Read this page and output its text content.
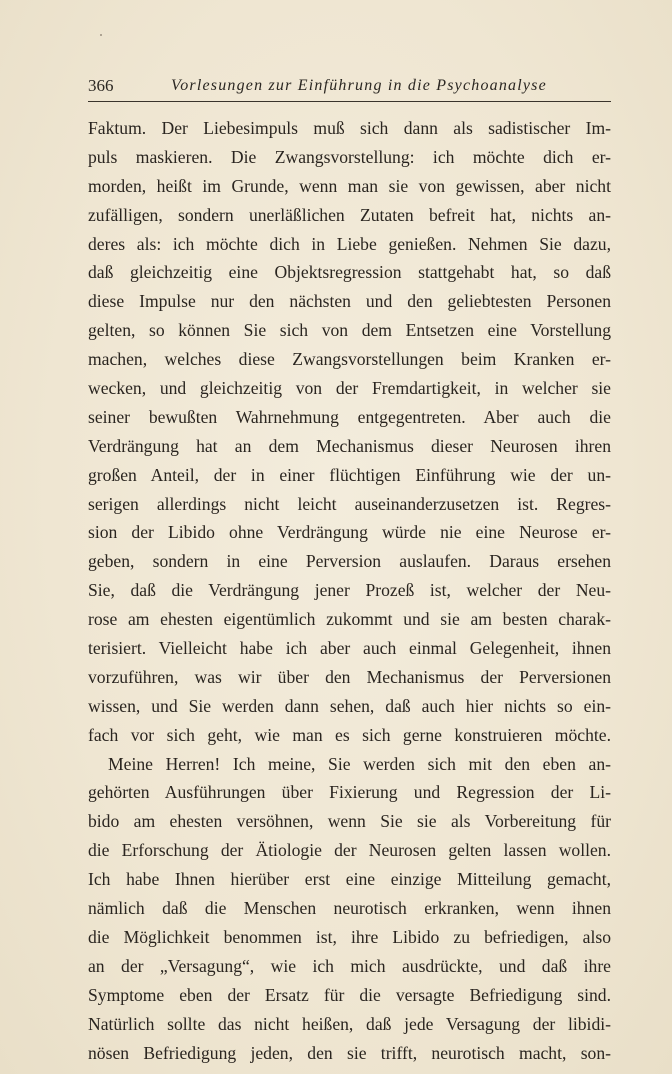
366	Vorlesungen zur Einführung in die Psychoanalyse
Faktum. Der Liebesimpuls muß sich dann als sadistischer Im-
puls maskieren. Die Zwangsvorstellung: ich möchte dich er-
morden, heißt im Grunde, wenn man sie von gewissen, aber nicht
zufälligen, sondern unerläßlichen Zutaten befreit hat, nichts an-
deres als: ich möchte dich in Liebe genießen. Nehmen Sie dazu,
daß gleichzeitig eine Objektsregression stattgehabt hat, so daß
diese Impulse nur den nächsten und den geliebtesten Personen
gelten, so können Sie sich von dem Entsetzen eine Vorstellung
machen, welches diese Zwangsvorstellungen beim Kranken er-
wecken, und gleichzeitig von der Fremdartigkeit, in welcher sie
seiner bewußten Wahrnehmung entgegentreten. Aber auch die
Verdrängung hat an dem Mechanismus dieser Neurosen ihren
großen Anteil, der in einer flüchtigen Einführung wie der un-
serigen allerdings nicht leicht auseinanderzusetzen ist. Regres-
sion der Libido ohne Verdrängung würde nie eine Neurose er-
geben, sondern in eine Perversion auslaufen. Daraus ersehen
Sie, daß die Verdrängung jener Prozeß ist, welcher der Neu-
rose am ehesten eigentümlich zukommt und sie am besten charak-
terisiert. Vielleicht habe ich aber auch einmal Gelegenheit, ihnen
vorzuführen, was wir über den Mechanismus der Perversionen
wissen, und Sie werden dann sehen, daß auch hier nichts so ein-
fach vor sich geht, wie man es sich gerne konstruieren möchte.
Meine Herren! Ich meine, Sie werden sich mit den eben an-
gehörten Ausführungen über Fixierung und Regression der Li-
bido am ehesten versöhnen, wenn Sie sie als Vorbereitung für
die Erforschung der Ätiologie der Neurosen gelten lassen wollen.
Ich habe Ihnen hierüber erst eine einzige Mitteilung gemacht,
nämlich daß die Menschen neurotisch erkranken, wenn ihnen
die Möglichkeit benommen ist, ihre Libido zu befriedigen, also
an der „Versagung“, wie ich mich ausdrückte, und daß ihre
Symptome eben der Ersatz für die versagte Befriedigung sind.
Natürlich sollte das nicht heißen, daß jede Versagung der libidi-
nösen Befriedigung jeden, den sie trifft, neurotisch macht, son-
